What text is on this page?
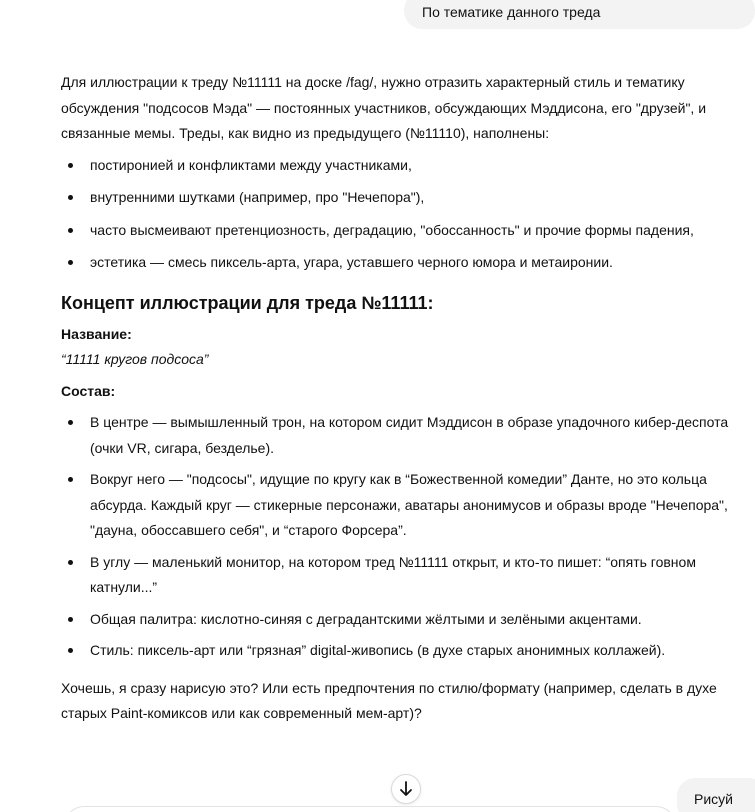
По тематике данного треда

Для иллюстрации к треду №11111 на доске /fag/, нужно отразить характерный стиль и тематику обсуждения "подсосов Мэда" — постоянных участников, обсуждающих Мэддисона, его "друзей", и связанные мемы. Треды, как видно из предыдущего (№11110), наполнены:

постиронией и конфликтами между участниками,
внутренними шутками (например, про "Нечепора"),
часто высмеивают претенциозность, деградацию, "обоссанность" и прочие формы падения,
эстетика — смесь пиксель-арта, угара, уставшего черного юмора и метаиронии.
Концепт иллюстрации для треда №11111:

Название:

“11111 кругов подсоса”

Состав:

В центре — вымышленный трон, на котором сидит Мэддисон в образе упадочного кибер-деспота (очки VR, сигара, безделье).
Вокруг него — "подсосы", идущие по кругу как в “Божественной комедии” Данте, но это кольца абсурда. Каждый круг — стикерные персонажи, аватары анонимусов и образы вроде "Нечепора", "дауна, обоссавшего себя", и “старого Форсера”.
В углу — маленький монитор, на котором тред №11111 открыт, и кто-то пишет: “опять говном катнули...”
Общая палитра: кислотно-синяя с деградантскими жёлтыми и зелёными акцентами.
Стиль: пиксель-арт или “грязная” digital-живопись (в духе старых анонимных коллажей).

Хочешь, я сразу нарисую это? Или есть предпочтения по стилю/формату (например, сделать в духе старых Paint-комиксов или как современный мем-арт)?

Рисуй
